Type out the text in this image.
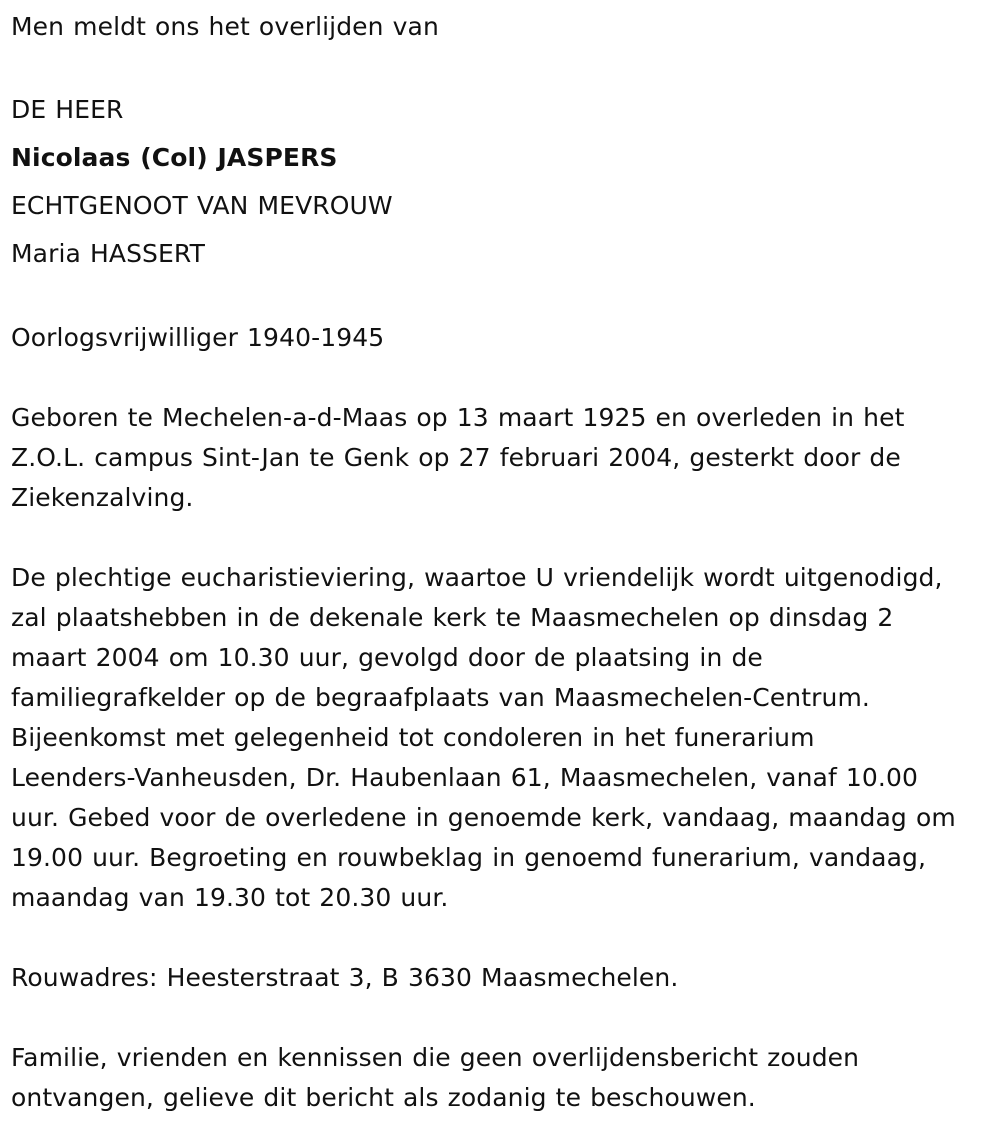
Men meldt ons het overlijden van
DE HEER
Nicolaas (Col) JASPERS
ECHTGENOOT VAN MEVROUW
Maria HASSERT
Oorlogsvrijwilliger 1940-1945
Geboren te Mechelen-a-d-Maas op 13 maart 1925 en overleden in het
Z.O.L. campus Sint-Jan te Genk op 27 februari 2004, gesterkt door de
Ziekenzalving.
De plechtige eucharistieviering, waartoe U vriendelijk wordt uitgenodigd,
zal plaatshebben in de dekenale kerk te Maasmechelen op dinsdag 2
maart 2004 om 10.30 uur, gevolgd door de plaatsing in de
familiegrafkelder op de begraafplaats van Maasmechelen-Centrum.
Bijeenkomst met gelegenheid tot condoleren in het funerarium
Leenders-Vanheusden, Dr. Haubenlaan 61, Maasmechelen, vanaf 10.00
uur. Gebed voor de overledene in genoemde kerk, vandaag, maandag om
19.00 uur. Begroeting en rouwbeklag in genoemd funerarium, vandaag,
maandag van 19.30 tot 20.30 uur.
Rouwadres: Heesterstraat 3, B 3630 Maasmechelen.
Familie, vrienden en kennissen die geen overlijdensbericht zouden
ontvangen, gelieve dit bericht als zodanig te beschouwen.
